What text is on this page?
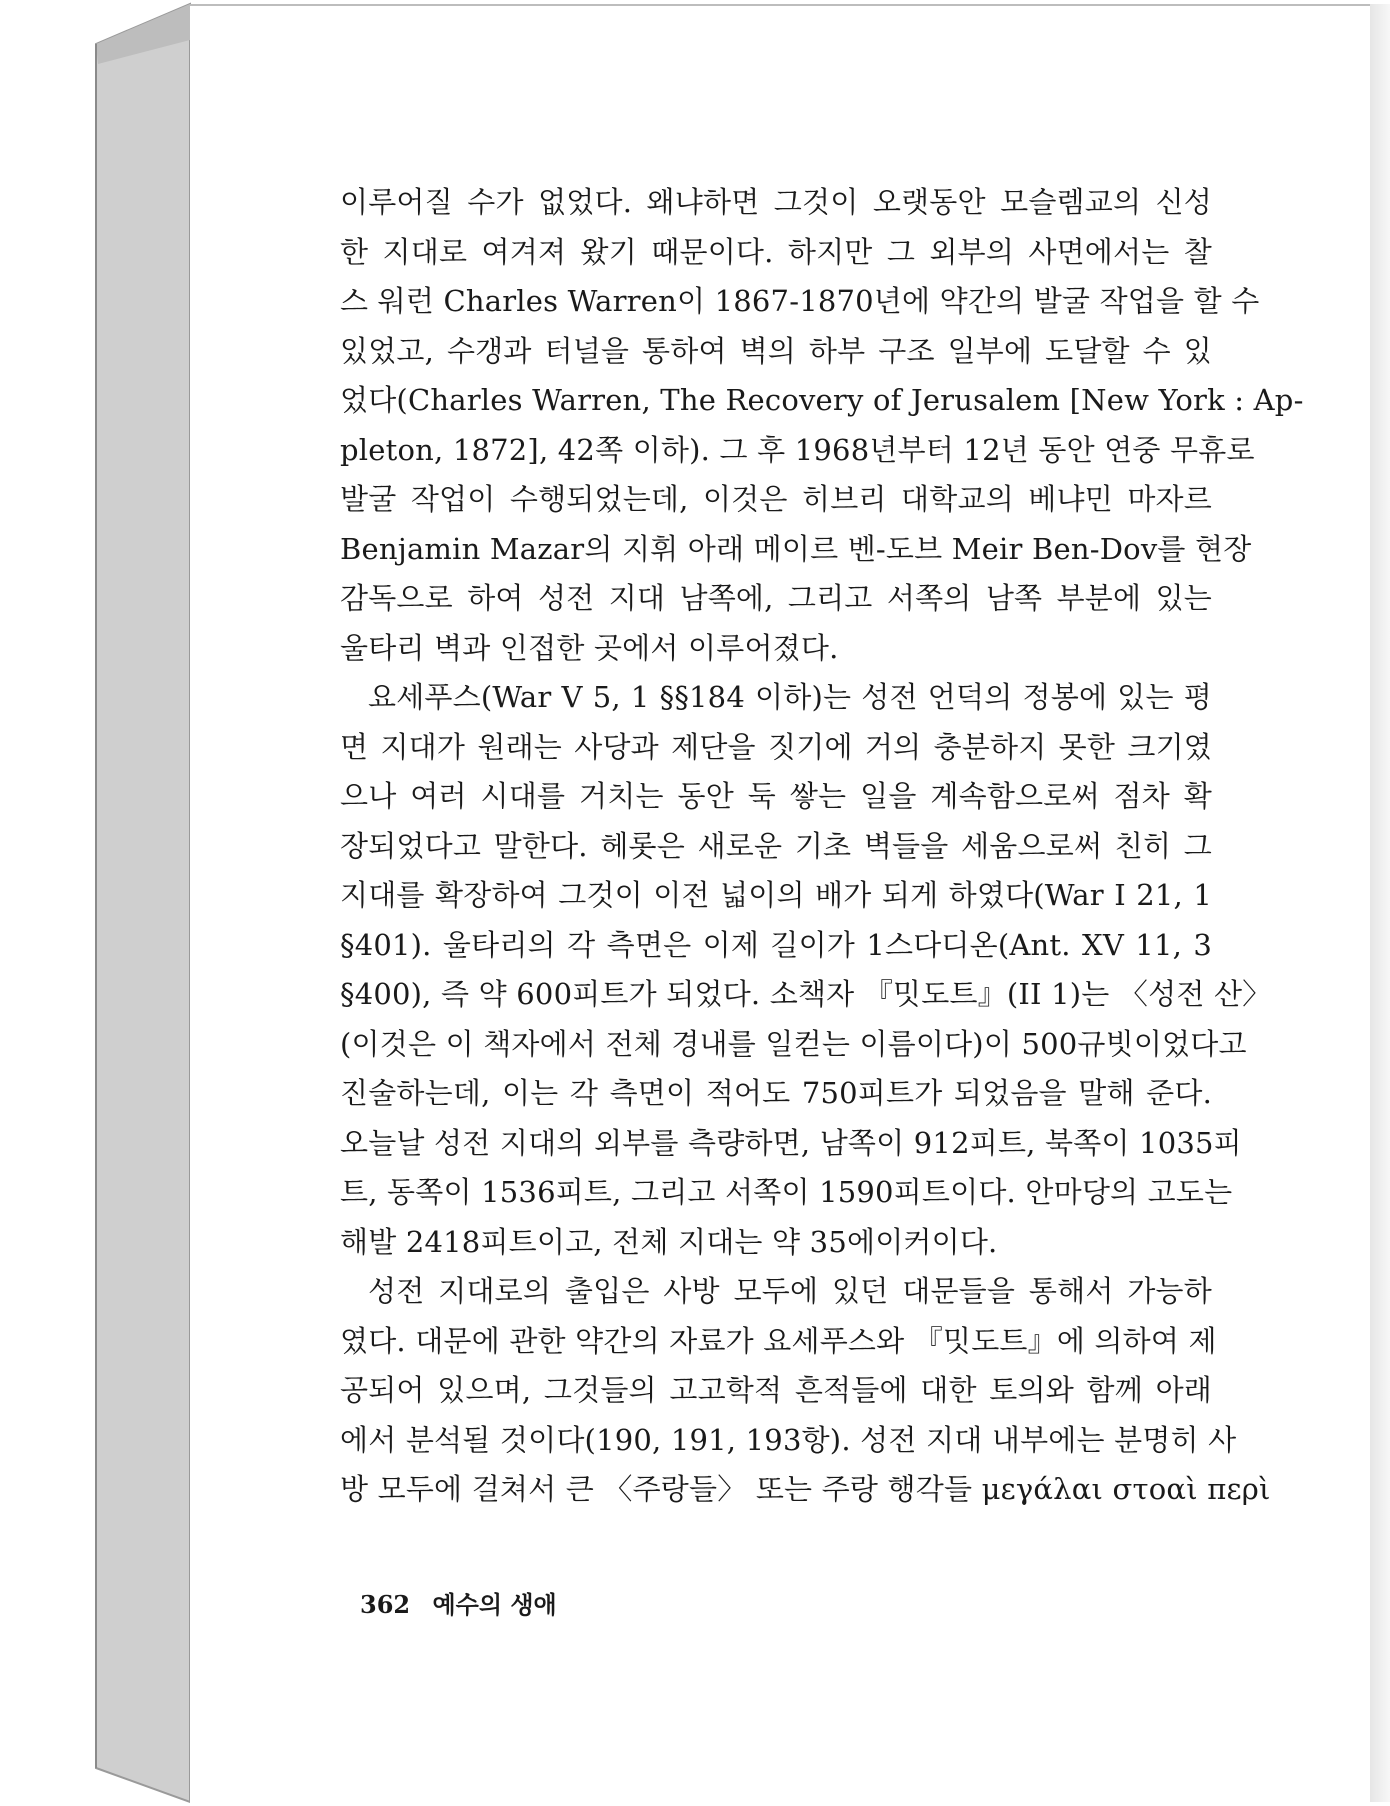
이루어질 수가 없었다. 왜냐하면 그것이 오랫동안 모슬렘교의 신성
한 지대로 여겨져 왔기 때문이다. 하지만 그 외부의 사면에서는 찰
스 워런 Charles Warren이 1867-1870년에 약간의 발굴 작업을 할 수
있었고, 수갱과 터널을 통하여 벽의 하부 구조 일부에 도달할 수 있
었다(Charles Warren, The Recovery of Jerusalem [New York : Ap-
pleton, 1872], 42쪽 이하). 그 후 1968년부터 12년 동안 연중 무휴로
발굴 작업이 수행되었는데, 이것은 히브리 대학교의 베냐민 마자르
Benjamin Mazar의 지휘 아래 메이르 벤-도브 Meir Ben-Dov를 현장
감독으로 하여 성전 지대 남쪽에, 그리고 서쪽의 남쪽 부분에 있는
울타리 벽과 인접한 곳에서 이루어졌다.
요세푸스(War V 5, 1 §§184 이하)는 성전 언덕의 정봉에 있는 평
면 지대가 원래는 사당과 제단을 짓기에 거의 충분하지 못한 크기였
으나 여러 시대를 거치는 동안 둑 쌓는 일을 계속함으로써 점차 확
장되었다고 말한다. 헤롯은 새로운 기초 벽들을 세움으로써 친히 그
지대를 확장하여 그것이 이전 넓이의 배가 되게 하였다(War I 21, 1
§401). 울타리의 각 측면은 이제 길이가 1스다디온(Ant. XV 11, 3
§400), 즉 약 600피트가 되었다. 소책자 『밋도트』(II 1)는 〈성전 산〉
(이것은 이 책자에서 전체 경내를 일컫는 이름이다)이 500규빗이었다고
진술하는데, 이는 각 측면이 적어도 750피트가 되었음을 말해 준다.
오늘날 성전 지대의 외부를 측량하면, 남쪽이 912피트, 북쪽이 1035피
트, 동쪽이 1536피트, 그리고 서쪽이 1590피트이다. 안마당의 고도는
해발 2418피트이고, 전체 지대는 약 35에이커이다.
성전 지대로의 출입은 사방 모두에 있던 대문들을 통해서 가능하
였다. 대문에 관한 약간의 자료가 요세푸스와 『밋도트』에 의하여 제
공되어 있으며, 그것들의 고고학적 흔적들에 대한 토의와 함께 아래
에서 분석될 것이다(190, 191, 193항). 성전 지대 내부에는 분명히 사
방 모두에 걸쳐서 큰 〈주랑들〉 또는 주랑 행각들 μεγάλαι στοαὶ περὶ
362 예수의 생애
